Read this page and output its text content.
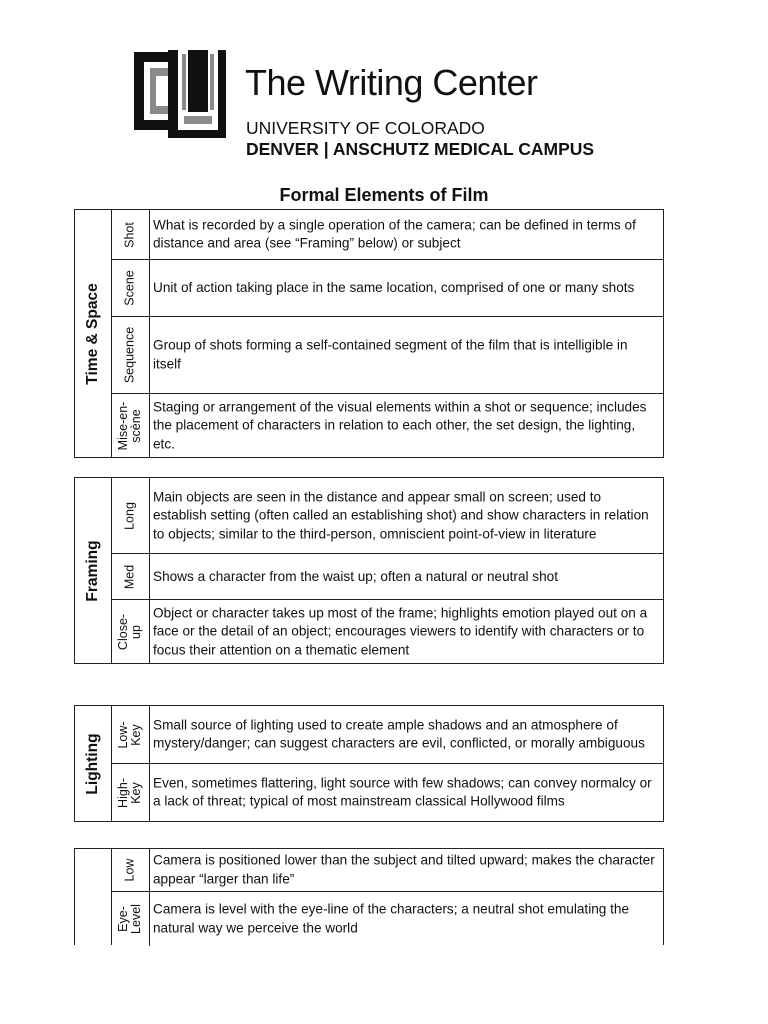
The Writing Center
UNIVERSITY OF COLORADO
DENVER | ANSCHUTZ MEDICAL CAMPUS
Formal Elements of Film
Time & Space
Shot What is recorded by a single operation of the camera; can be defined in terms of distance and area (see “Framing” below) or subject
Scene Unit of action taking place in the same location, comprised of one or many shots
Sequence Group of shots forming a self-contained segment of the film that is intelligible in itself
Mise-en-
scène
Staging or arrangement of the visual elements within a shot or sequence; includes the placement of characters in relation to each other, the set design, the lighting, etc.
Framing
Long
Main objects are seen in the distance and appear small on screen; used to establish setting (often called an establishing shot) and show characters in relation to objects; similar to the third-person, omniscient point-of-view in literature
Med Shows a character from the waist up; often a natural or neutral shot
Close-
up
Object or character takes up most of the frame; highlights emotion played out on a face or the detail of an object; encourages viewers to identify with characters or to focus their attention on a thematic element
Lighting Low-
Key Small source of lighting used to create ample shadows and an atmosphere of mystery/danger; can suggest characters are evil, conflicted, or morally ambiguous
High-
Key Even, sometimes flattering, light source with few shadows; can convey normalcy or a lack of threat; typical of most mainstream classical Hollywood films
Low Camera is positioned lower than the subject and tilted upward; makes the character appear “larger than life”
Eye-
Level Camera is level with the eye-line of the characters; a neutral shot emulating the natural way we perceive the world
